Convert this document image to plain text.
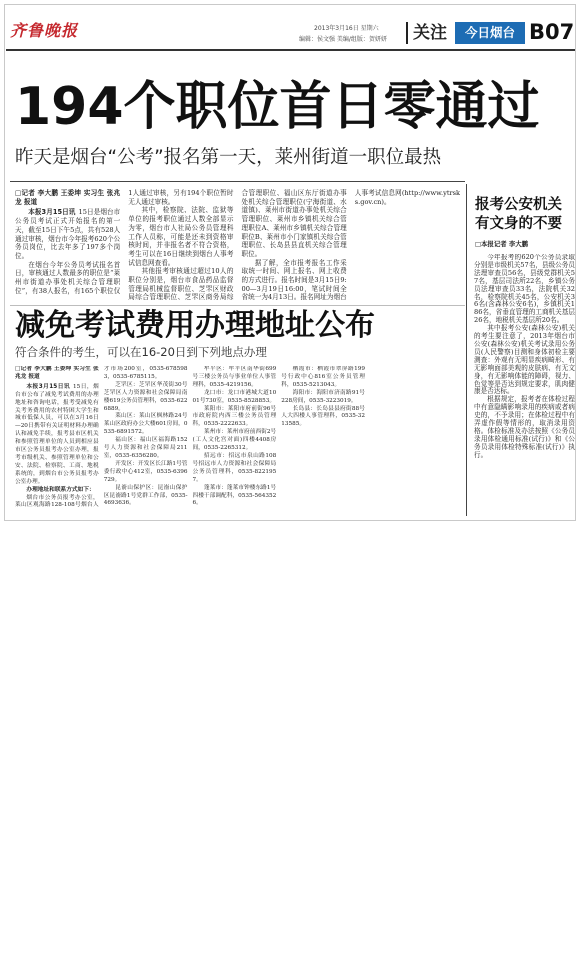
齐鲁晚报	2013年3月16日 星期六
编辑：侯文强 美编/组版：贺妍妍 关注	今日烟台 B07
194个职位首日零通过
昨天是烟台“公考”报名第一天，莱州街道一职位最热

□记者 李大鹏 王委坤 实习生 张兆龙 报道

本报3月15日讯 15日是烟台市公务员考试正式开始报名的第一天，截至15日下午5点，共有528人通过审核，烟台市今年报考620个公务员岗位，比去年多了197多个岗位。

在烟台今年公务员考试报名首日，审核通过人数最多的职位是“莱州市街道办事处机关综合管理职位”，有38人报名，有165个职位仅1人通过审核，另有194个职位暂时无人通过审核。

其中，检察院、法院、监狱等单位的报考职位通过人数全部显示为零，烟台市人社局公务员管理科工作人员称，可能是还未到资格审核时间，并非报名者不符合资格，考生可以在16日继续到烟台人事考试信息网查看。

其他报考审核通过超过10人的职位分别是，烟台市食品药品监督管理局机械监督职位、芝罘区财政局综合管理职位、芝罘区商务局综合管理职位、福山区东厅街道办事处机关综合管理职位(宁海街道、水道镇)、莱州市街道办事处机关综合管理职位、莱州市乡镇机关综合管理职位A、莱州市乡镇机关综合管理职位B、莱州市小门家镇机关综合管理职位、长岛县县直机关综合管理职位。

据了解，全市报考报名工作采取统一时间、网上报名、网上收费的方式进行。报名时间是3月15日9:00—3月19日16:00，笔试时间全省统一为4月13日。报名网址为烟台人事考试信息网(http://www.ytrsks.gov.cn)。

减免考试费用办理地址公布
符合条件的考生，可以在16-20日到下列地点办理

□记者 李大鹏 王委坤 实习生 张兆龙 报道

本报3月15日讯 15日，烟台市公布了减免考试费用的办理地址和咨询电话，报考受减免有关考务费用的农村特困大学生和城市低保人员，可以在3月16日—20日携带有关证明材料办理确认和减免手续，报考县市区机关和参照管理单位的人员到相应县市区公务员报考办公室办理，报考市级机关、参照管理单位和公安、法院、检察院、工商、地税系统的，到烟台市公务员报考办公室办理。

办理地址和联系方式如下：

烟台市公务员报考办公室，莱山区观海路128-108号烟台人才市场200室，0535-6785983，0535-6785115。

芝罘区：芝罘区华茂街30号芝罘区人力资源和社会保障局南楼619公务员管理科，0535-6226889。

莱山区：莱山区枫林路24号莱山区政府办公大楼601房间，0535-6891572。

福山区：福山区福海路152号人力资源和社会保障局211室，0535-6356280。

开发区：开发区长江路1号管委行政中心412室，0535-6396729。

昆嵛山保护区：昆嵛山保护区昆嵛路1号党群工作部，0535-4693636。

牟平区：牟平区南华街699号三楼公务员与事业单位人事管理科，0535-4219156。

龙口市：龙口市港城大道1001号730室，0535-8528853。

莱阳市：莱阳市府前街96号市政府院内西三楼公务员管理科，0535-2222633。

莱州市：莱州市府前西街2号(工人文化宫对面)四楼4408房间，0535-2265312。

招远市：招远市泉山路108号招远市人力资源和社会保障局公务员管理科，0535-8221957。

蓬莱市：蓬莱市钟楼东路1号四楼干部调配科，0535-5643526。

栖霞市：栖霞市翠屏路199号行政中心816室公务员管理科，0535-5213043。

海阳市：海阳市济南路91号228房间，0535-3223019。

长岛县：长岛县县府街88号人大四楼人事管理科，0535-3213585。

报考公安机关有文身的不要
□本报记者 李大鹏

今年报考的620个公务员录取分别是市级机关57名，县级公务员法理审查员56名，县级党群机关57名，基层司法所22名，乡镇公务员法理审查员33名，法院机关32名，检察院机关45名，公安机关36名(含森林公安6名)，乡镇机关186名，省垂直管理的工商机关基层26名，地税机关基层所20名。

其中报考公安(森林公安)机关的考生要注意了，2013年烟台市公安(森林公安)机关考试录用公务员(人民警察)目测和身体初检主要测查：外观有无明显疾病畸形、有无影响面部美观的皮肤病、有无文身，有无影响体能的障碍，视力、色觉等是否达到规定要求，肌肉健康是否达标。

根据规定，报考者在体检过程中有意隐瞒影响录用的疾病或者病史的，不予录用；在体检过程中有弄虚作假等情形的，取消录用资格。体检标准及办法按照《公务员录用体检通用标准(试行)》和《公务员录用体检特殊标准(试行)》执行。
